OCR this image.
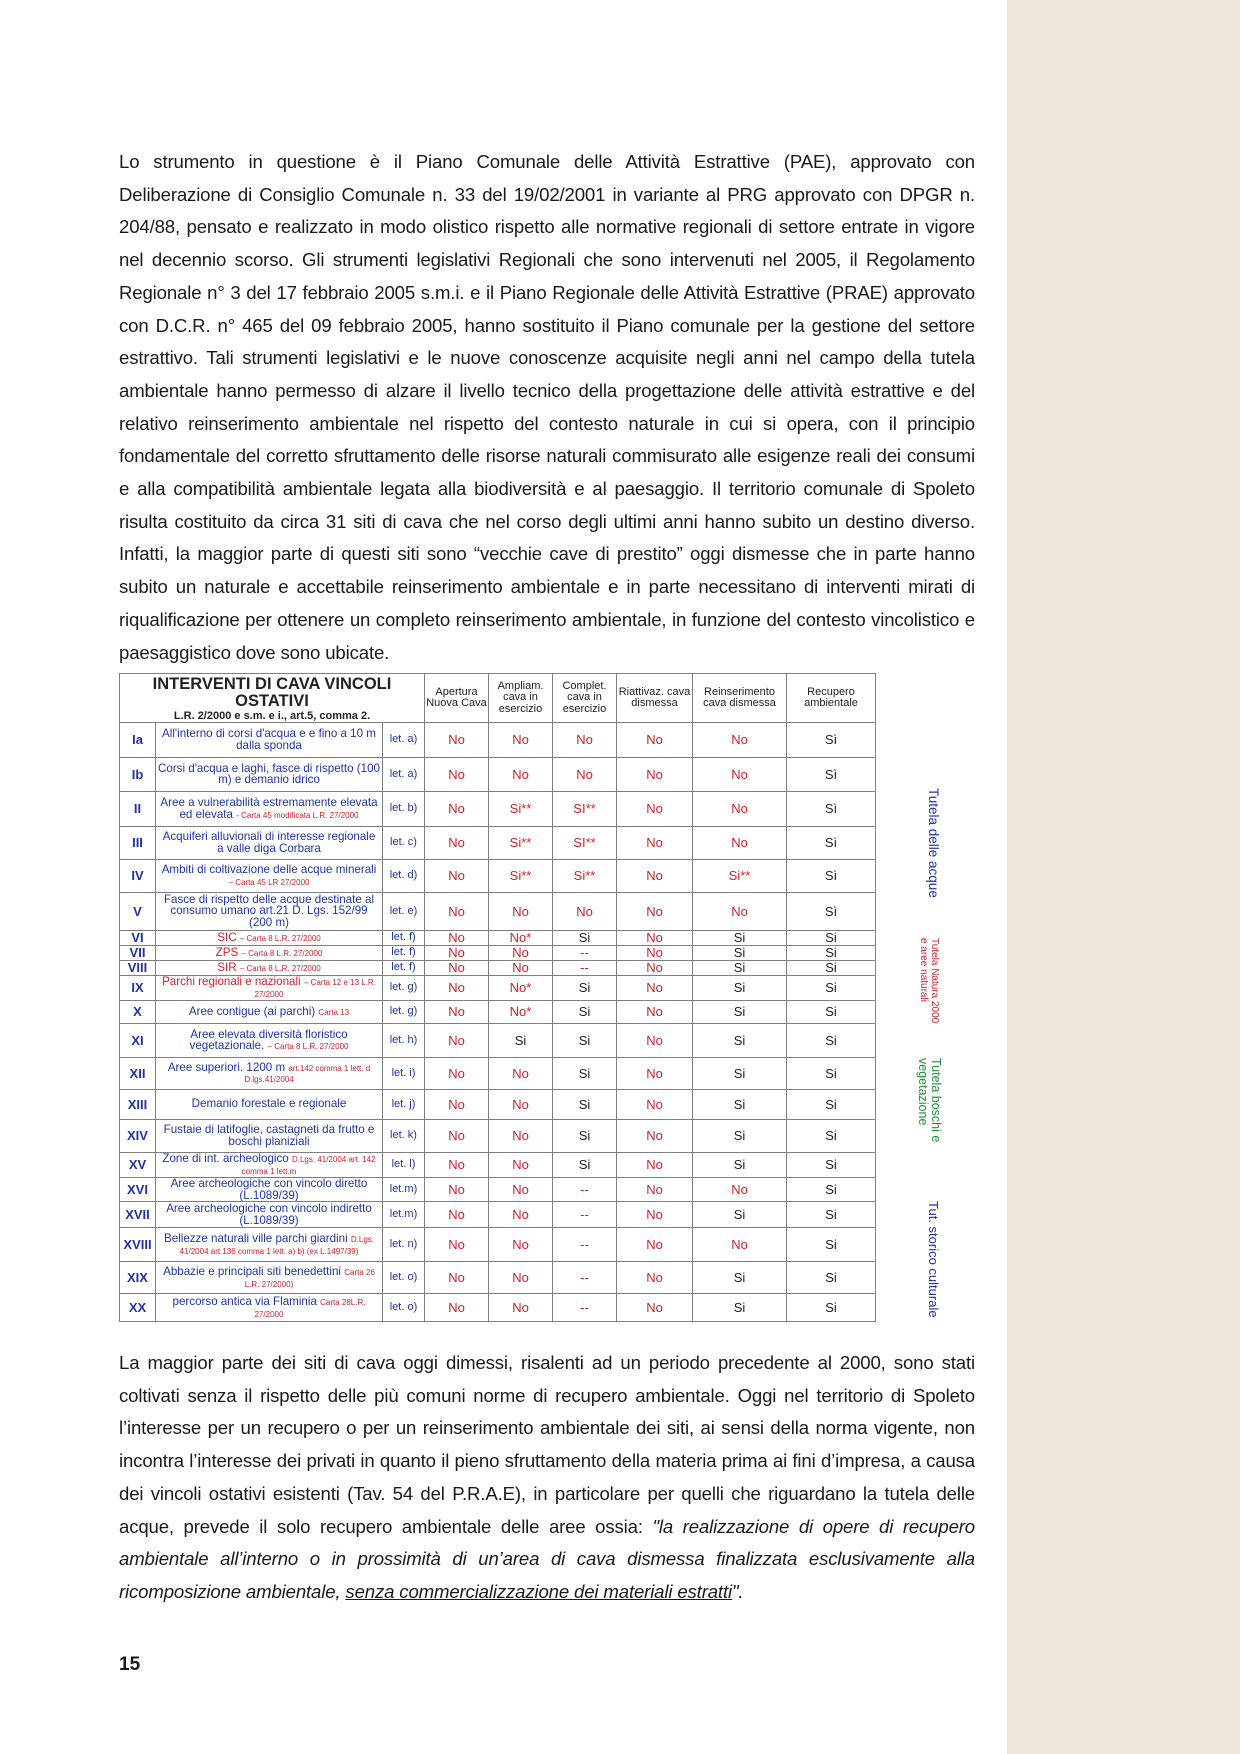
Lo strumento in questione è il Piano Comunale delle Attività Estrattive (PAE), approvato con Deliberazione di Consiglio Comunale n. 33 del 19/02/2001 in variante al PRG approvato con DPGR n. 204/88, pensato e realizzato in modo olistico rispetto alle normative regionali di settore entrate in vigore nel decennio scorso. Gli strumenti legislativi Regionali che sono intervenuti nel 2005, il Regolamento Regionale n° 3 del 17 febbraio 2005 s.m.i. e il Piano Regionale delle Attività Estrattive (PRAE) approvato con D.C.R. n° 465 del 09 febbraio 2005, hanno sostituito il Piano comunale per la gestione del settore estrattivo. Tali strumenti legislativi e le nuove conoscenze acquisite negli anni nel campo della tutela ambientale hanno permesso di alzare il livello tecnico della progettazione delle attività estrattive e del relativo reinserimento ambientale nel rispetto del contesto naturale in cui si opera, con il principio fondamentale del corretto sfruttamento delle risorse naturali commisurato alle esigenze reali dei consumi e alla compatibilità ambientale legata alla biodiversità e al paesaggio. Il territorio comunale di Spoleto risulta costituito da circa 31 siti di cava che nel corso degli ultimi anni hanno subito un destino diverso. Infatti, la maggior parte di questi siti sono “vecchie cave di prestito” oggi dismesse che in parte hanno subito un naturale e accettabile reinserimento ambientale e in parte necessitano di interventi mirati di riqualificazione per ottenere un completo reinserimento ambientale, in funzione del contesto vincolistico e paesaggistico dove sono ubicate.

INTERVENTI DI CAVA VINCOLI OSTATIVI
L.R. 2/2000 e s.m. e i., art.5, comma 2.			Apertura Nuova Cava	Ampliam. cava in esercizio	Complet. cava in esercizio	Riattivaz. cava dismessa	Reinserimento cava dismessa	Recupero ambientale	
Ia	All'interno di corsi d'acqua e e fino a 10 m dalla sponda	let. a)	No	No	No	No	No	Sì	
Ib	Corsi d'acqua e laghi, fasce di rispetto (100 m) e demanio idrico	let. a)	No	No	No	No	No	Sì	
II	Aree a vulnerabilità estremamente elevata ed elevata - Carta 45 modificata L.R. 27/2000	let. b)	No	Si**	SI**	No	No	Sì	
III	Acquiferi alluvionali di interesse regionale a valle diga Corbara	let. c)	No	Si**	SI**	No	No	Sì	
IV	Ambiti di coltivazione delle acque minerali – Carta 45 LR 27/2000	let. d)	No	Si**	Si**	No	Si**	Sì	
V	Fasce di rispetto delle acque destinate al consumo umano art.21 D. Lgs. 152/99 (200 m)	let. e)	No	No	No	No	No	Sì	
VI	SIC – Carta 8 L.R. 27/2000	let. f)	No	No*	Si	No	Si	Si	
VII	ZPS – Carta 8 L.R. 27/2000	let. f)	No	No	--	No	Si	Si	
VIII	SIR – Carta 8 L.R. 27/2000	let. f)	No	No	--	No	Si	Si	
IX	Parchi regionali e nazionali – Carta 12 e 13 L.R. 27/2000	let. g)	No	No*	Si	No	Si	Si	
X	Aree contigue (ai parchi) Carta 13	let. g)	No	No*	Si	No	Si	Si	
XI	Aree elevata diversità floristico vegetazionale. – Carta 8 L.R. 27/2000	let. h)	No	Si	Si	No	Si	Si	
XII	Aree superiori. 1200 m art.142 comma 1 lett. d D.lgs.41/2004	let. i)	No	No	Si	No	Si	Si	
XIII	Demanio forestale e regionale	let. j)	No	No	Si	No	Si	Si	
XIV	Fustaie di latifoglie, castagneti da frutto e boschi planiziali	let. k)	No	No	Si	No	Si	Si	
XV	Zone di int. archeologico D.Lgs. 41/2004 art. 142 comma 1 lett.m	let. l)	No	No	Si	No	Si	Si	
XVI	Aree archeologiche con vincolo diretto (L.1089/39)	let.m)	No	No	--	No	No	Si	
XVII	Aree archeologiche con vincolo indiretto (L.1089/39)	let.m)	No	No	--	No	Si	Si	
XVIII	Bellezze naturali ville parchi giardini D.Lgs. 41/2004 art.136 comma 1 lett. a) b) (ex L.1497/39)	let. n)	No	No	--	No	No	Si	
XIX	Abbazie e principali siti benedettini Carta 26 L.R. 27/2000)	let. o)	No	No	--	No	Si	Si	
XX	percorso antica via Flaminia Carta 28L.R. 27/2000	let. o)	No	No	--	No	Si	Si	
Tutela delle acque
Tutela Natura 2000 e aree naturali
Tutela boschi e vegetazione
Tut. storico culturale

La maggior parte dei siti di cava oggi dimessi, risalenti ad un periodo precedente al 2000, sono stati coltivati senza il rispetto delle più comuni norme di recupero ambientale. Oggi nel territorio di Spoleto l’interesse per un recupero o per un reinserimento ambientale dei siti, ai sensi della norma vigente, non incontra l’interesse dei privati in quanto il pieno sfruttamento della materia prima ai fini d’impresa, a causa dei vincoli ostativi esistenti (Tav. 54 del P.R.A.E), in particolare per quelli che riguardano la tutela delle acque, prevede il solo recupero ambientale delle aree ossia: "la realizzazione di opere di recupero ambientale all’interno o in prossimità di un’area di cava dismessa finalizzata esclusivamente alla ricomposizione ambientale, senza commercializzazione dei materiali estratti".

15
